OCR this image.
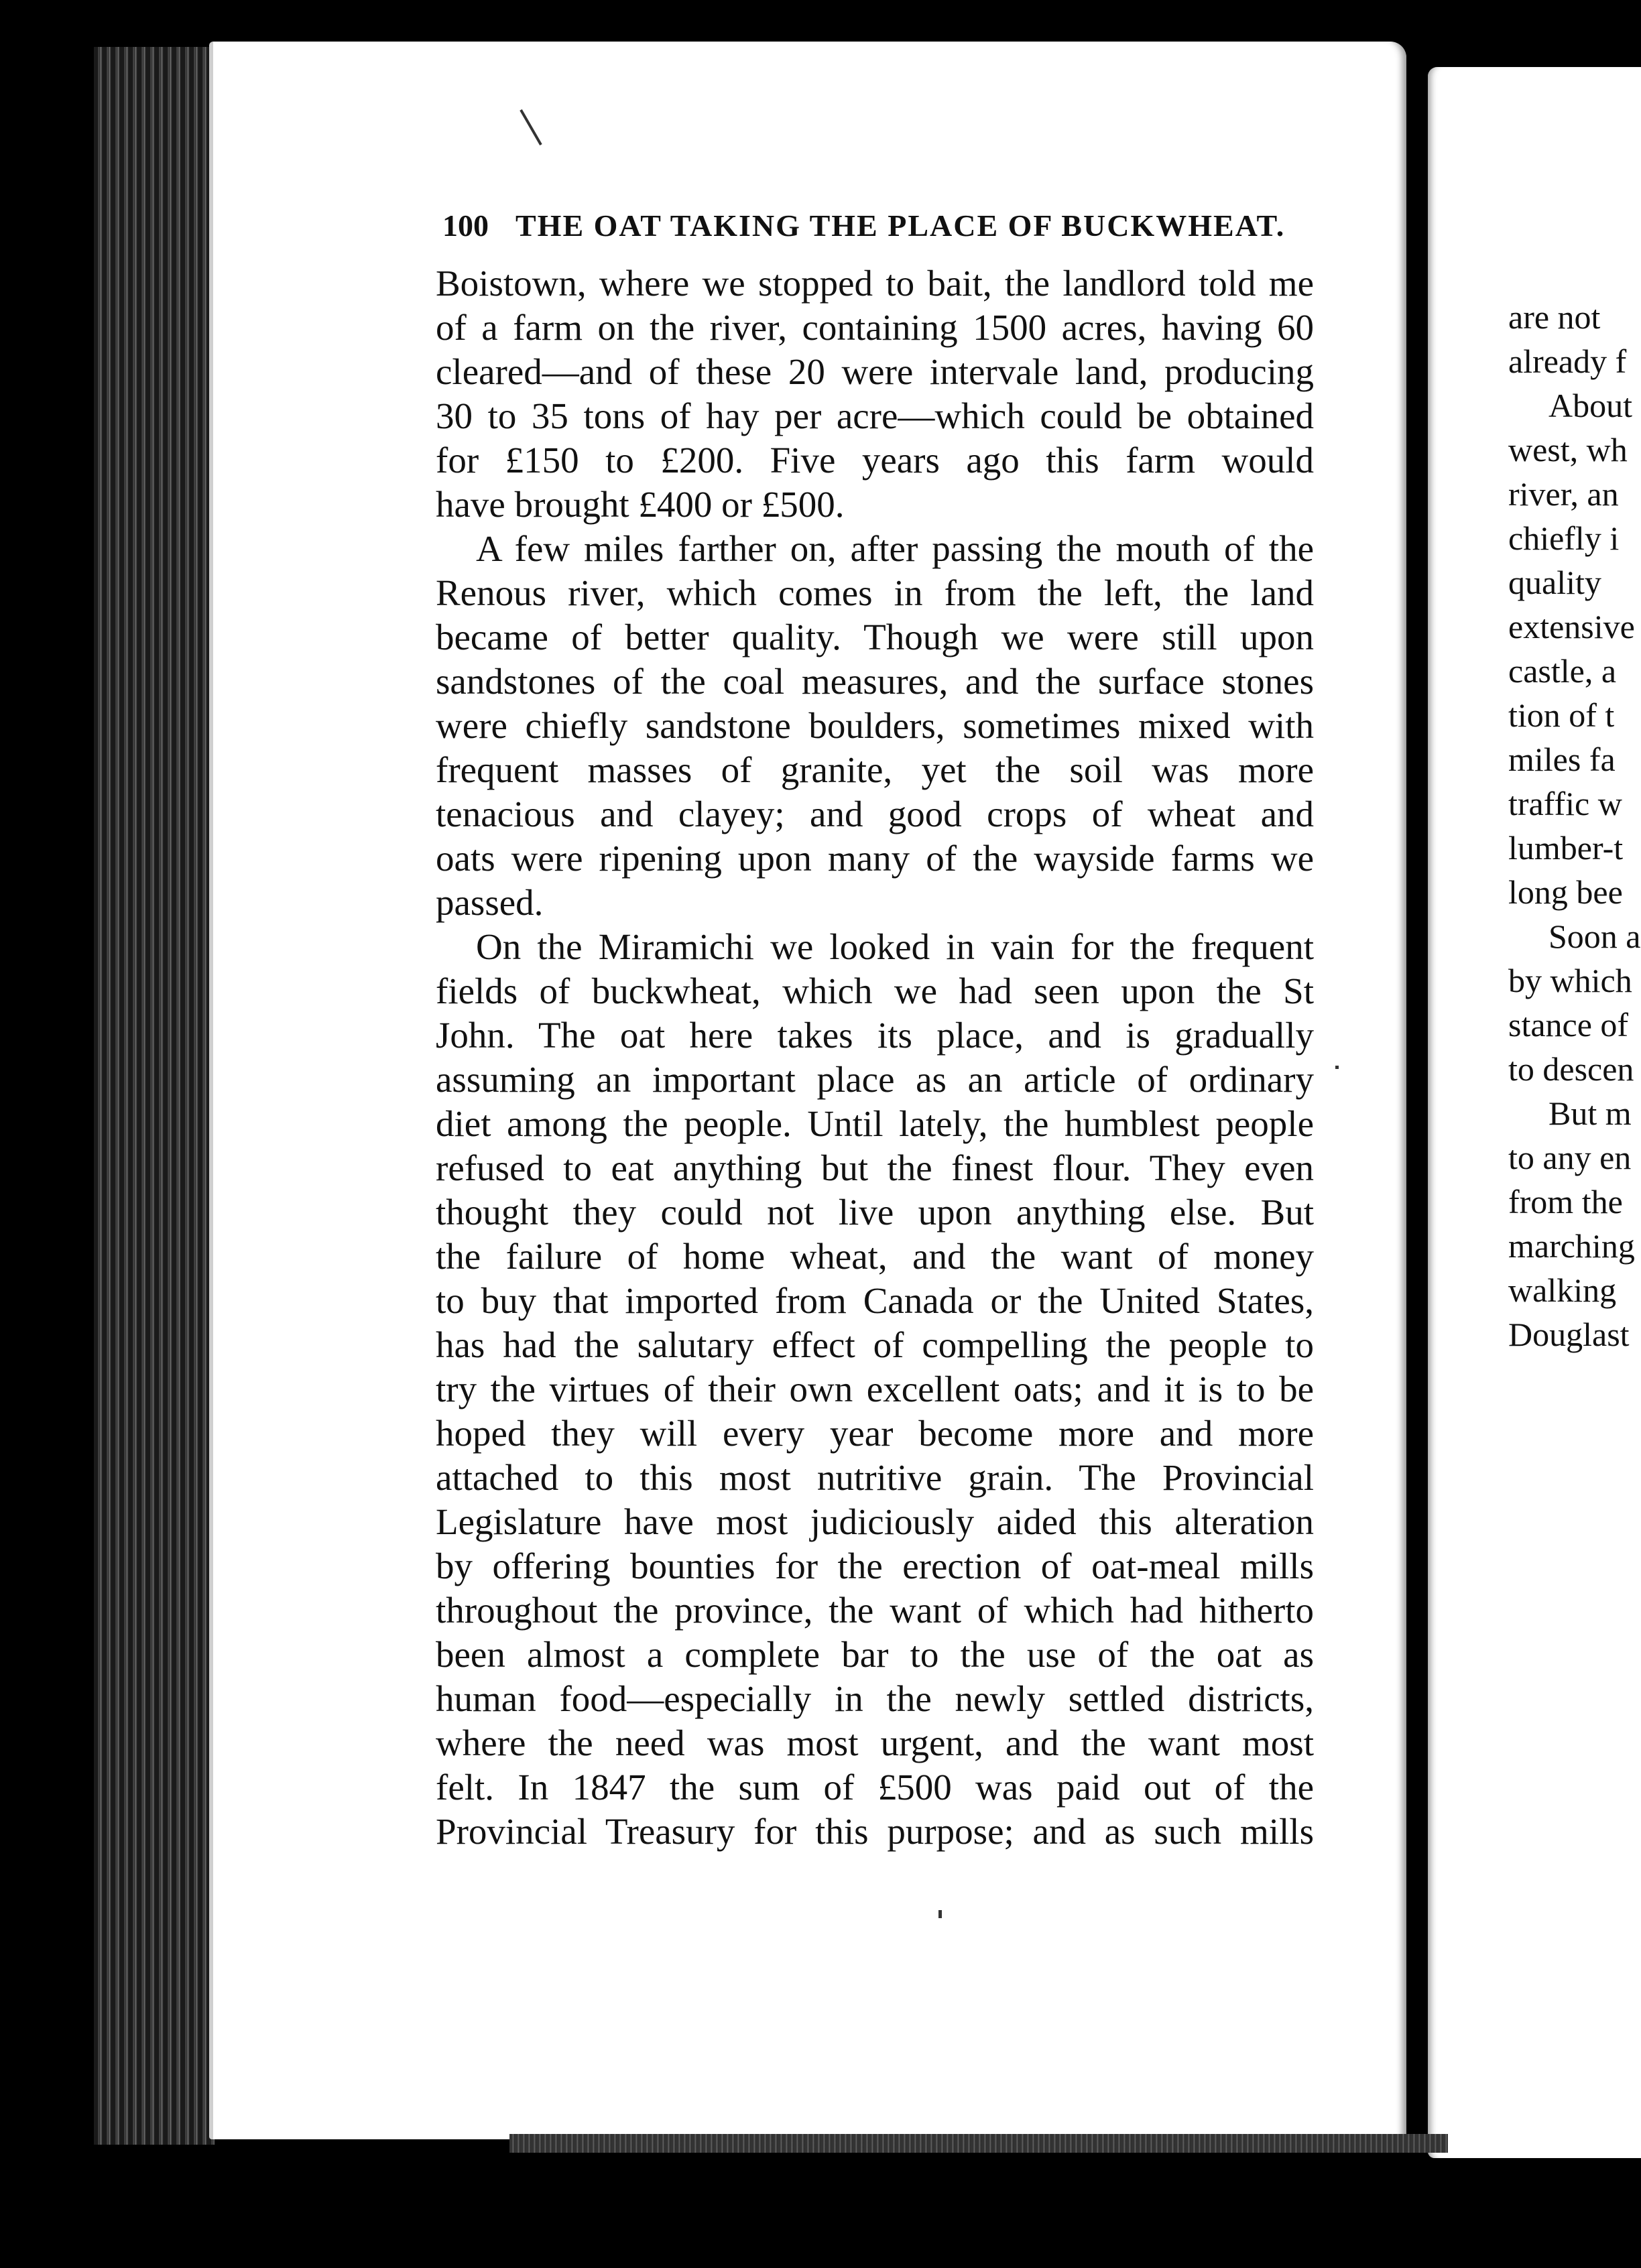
100 THE OAT TAKING THE PLACE OF BUCKWHEAT.
Boistown, where we stopped to bait, the landlord told me
of a farm on the river, containing 1500 acres, having 60
cleared—and of these 20 were intervale land, producing
30 to 35 tons of hay per acre—which could be obtained
for £150 to £200. Five years ago this farm would
have brought £400 or £500.
A few miles farther on, after passing the mouth of the
Renous river, which comes in from the left, the land
became of better quality. Though we were still upon
sandstones of the coal measures, and the surface stones
were chiefly sandstone boulders, sometimes mixed with
frequent masses of granite, yet the soil was more
tenacious and clayey; and good crops of wheat and
oats were ripening upon many of the wayside farms we
passed.
On the Miramichi we looked in vain for the frequent
fields of buckwheat, which we had seen upon the St
John. The oat here takes its place, and is gradually
assuming an important place as an article of ordinary
diet among the people. Until lately, the humblest people
refused to eat anything but the finest flour. They even
thought they could not live upon anything else. But
the failure of home wheat, and the want of money
to buy that imported from Canada or the United States,
has had the salutary effect of compelling the people to
try the virtues of their own excellent oats; and it is to be
hoped they will every year become more and more
attached to this most nutritive grain. The Provincial
Legislature have most judiciously aided this alteration
by offering bounties for the erection of oat-meal mills
throughout the province, the want of which had hitherto
been almost a complete bar to the use of the oat as
human food—especially in the newly settled districts,
where the need was most urgent, and the want most
felt. In 1847 the sum of £500 was paid out of the
Provincial Treasury for this purpose; and as such mills
are not
already f
About
west, wh
river, an
chiefly i
quality
extensive
castle, a
tion of t
miles fa
traffic w
lumber-t
long bee
Soon a
by which
stance of
to descen
But m
to any en
from the
marching
walking
Douglast
